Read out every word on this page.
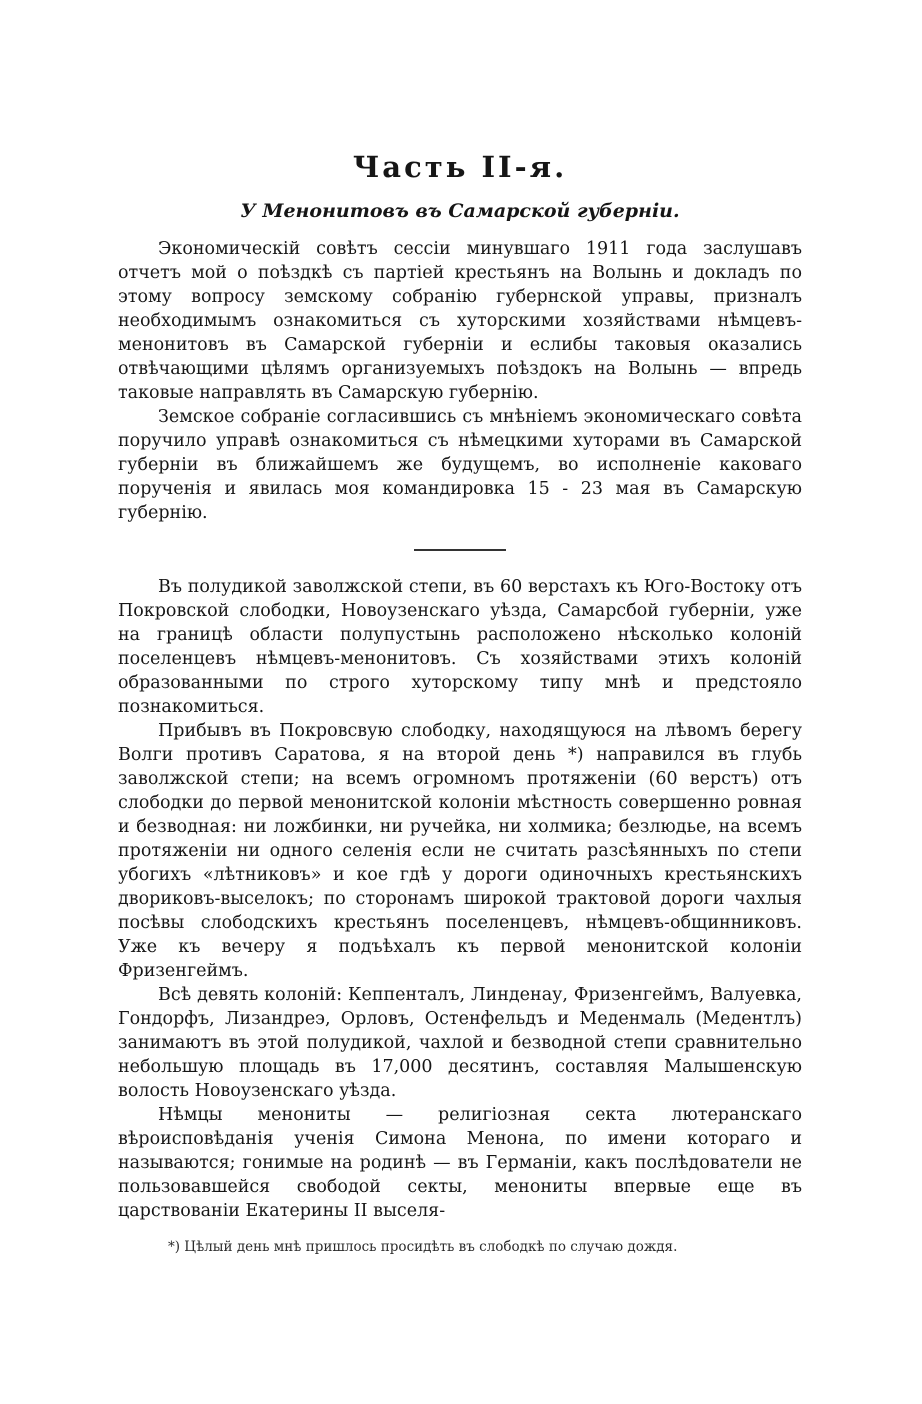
Часть II-я.
У Менонитовъ въ Самарской губерніи.

Экономическій совѣтъ сессіи минувшаго 1911 года заслушавъ отчетъ мой о поѣздкѣ съ партіей крестьянъ на Волынь и докладъ по этому вопросу земскому собранію губернской управы, призналъ необходимымъ ознакомиться съ хуторскими хозяйствами нѣмцевъ-менонитовъ въ Самарской губерніи и еслибы таковыя оказались отвѣчающими цѣлямъ организуемыхъ поѣздокъ на Волынь — впредь таковые направлять въ Самарскую губернію.

Земское собраніе согласившись съ мнѣніемъ экономическаго совѣта поручило управѣ ознакомиться съ нѣмецкими хуторами въ Самарской губерніи въ ближайшемъ же будущемъ, во исполненіе каковаго порученія и явилась моя командировка 15 - 23 мая въ Самарскую губернію.

Въ полудикой заволжской степи, въ 60 верстахъ къ Юго-Востоку отъ Покровской слободки, Новоузенскаго уѣзда, Самарсбой губерніи, уже на границѣ области полупустынь расположено нѣсколько колоній поселенцевъ нѣмцевъ-менонитовъ. Съ хозяйствами этихъ колоній образованными по строго хуторскому типу мнѣ и предстояло познакомиться.

Прибывъ въ Покровсвую слободку, находящуюся на лѣвомъ берегу Волги противъ Саратова, я на второй день *) направился въ глубь заволжской степи; на всемъ огромномъ протяженіи (60 верстъ) отъ слободки до первой менонитской колоніи мѣстность совершенно ровная и безводная: ни ложбинки, ни ручейка, ни холмика; безлюдье, на всемъ протяженіи ни одного селенія если не считать разсѣянныхъ по степи убогихъ «лѣтниковъ» и кое гдѣ у дороги одиночныхъ крестьянскихъ двориковъ-выселокъ; по сторонамъ широкой трактовой дороги чахлыя посѣвы слободскихъ крестьянъ поселенцевъ, нѣмцевъ-общинниковъ. Уже къ вечеру я подъѣхалъ къ первой менонитской колоніи Фризенгеймъ.

Всѣ девять колоній: Кеппенталъ, Линденау, Фризенгеймъ, Валуевка, Гондорфъ, Лизандреэ, Орловъ, Остенфельдъ и Меденмаль (Медентлъ) занимаютъ въ этой полудикой, чахлой и безводной степи сравнительно небольшую площадь въ 17,000 десятинъ, составляя Малышенскую волость Новоузенскаго уѣзда.

Нѣмцы менониты — религіозная секта лютеранскаго вѣроисповѣданія ученія Симона Менона, по имени котораго и называются; гонимые на родинѣ — въ Германіи, какъ послѣдователи не пользовавшейся свободой секты, менониты впервые еще въ царствованіи Екатерины II выселя-

*) Цѣлый день мнѣ пришлось просидѣть въ слободкѣ по случаю дождя.
